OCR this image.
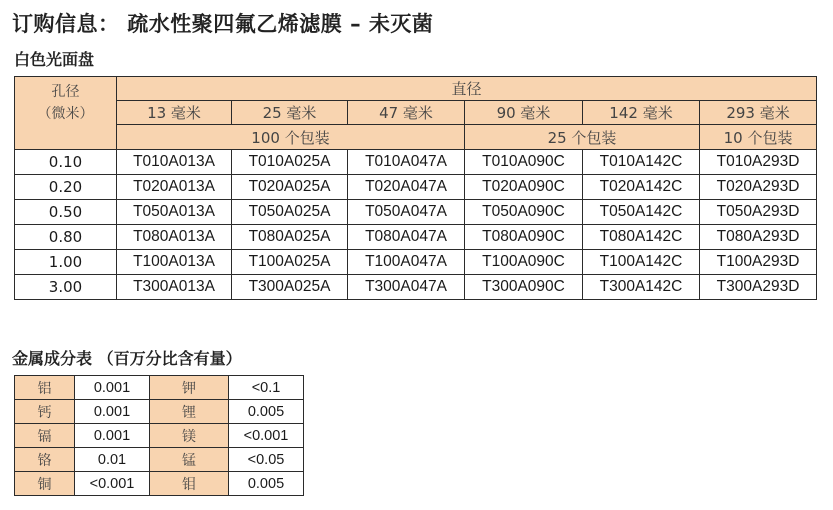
订购信息： 疏水性聚四氟乙烯滤膜 – 未灭菌
白色光面盘
孔径
（微米）	直径					
	13 毫米	25 毫米	47 毫米	90 毫米	142 毫米	293 毫米
	100 个包装			25 个包装		10 个包装
0.10	T010A013A	T010A025A	T010A047A	T010A090C	T010A142C	T010A293D
0.20	T020A013A	T020A025A	T020A047A	T020A090C	T020A142C	T020A293D
0.50	T050A013A	T050A025A	T050A047A	T050A090C	T050A142C	T050A293D
0.80	T080A013A	T080A025A	T080A047A	T080A090C	T080A142C	T080A293D
1.00	T100A013A	T100A025A	T100A047A	T100A090C	T100A142C	T100A293D
3.00	T300A013A	T300A025A	T300A047A	T300A090C	T300A142C	T300A293D
金属成分表 （百万分比含有量）
铝	0.001	钾	<0.1
钙	0.001	锂	0.005
镉	0.001	镁	<0.001
铬	0.01	锰	<0.05
铜	<0.001	钼	0.005
